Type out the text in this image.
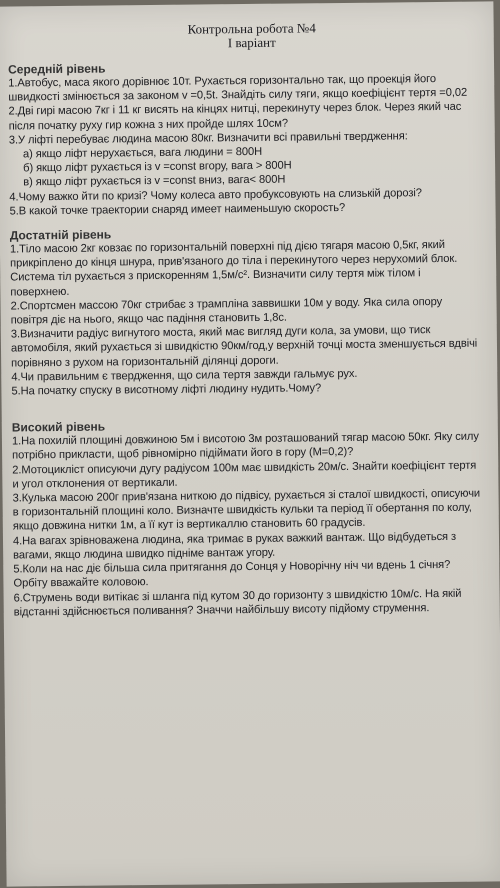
Контрольна робота №4
І варіант
Середній рівень
1.Автобус, маса якого дорівнює 10т. Рухається горизонтально так, що проекція його швидкості змінюється за законом v =0,5t. Знайдіть силу тяги, якщо коефіцієнт тертя =0,02
2.Дві гирі масою 7кг і 11 кг висять на кінцях нитці, перекинуту через блок. Через який час після початку руху гир кожна з них пройде шлях 10см?
3.У ліфті перебуває людина масою 80кг. Визначити всі правильні твердження:
а) якщо ліфт нерухається, вага людини = 800Н
б) якщо ліфт рухається із v =const вгору, вага > 800Н
в) якщо ліфт рухається із v =const вниз, вага< 800Н
4.Чому важко йти по кризі? Чому колеса авто пробуксовують на слизькій дорозі?
5.В какой точке траектории снаряд имеет наименьшую скорость?
Достатній рівень
1.Тіло масою 2кг ковзає по горизонтальній поверхні під дією тягаря масою 0,5кг, який прикріплено до кінця шнура, прив'язаного до тіла і перекинутого через нерухомий блок. Система тіл рухається з прискоренням 1,5м/с². Визначити силу тертя між тілом і поверхнею.
2.Спортсмен массою 70кг стрибає з трампліна заввишки 10м у воду. Яка сила опору повітря діє на нього, якщо час падіння становить 1,8с.
3.Визначити радіус вигнутого моста, який має вигляд дуги кола, за умови, що тиск автомобіля, який рухається зі швидкістю 90км/год,у верхній точці моста зменшується вдвічі порівняно з рухом на горизонтальній ділянці дороги.
4.Чи правильним є твердження, що сила тертя завжди гальмує рух.
5.На початку спуску в висотному ліфті людину нудить.Чому?
Високий рівень
1.На похилій площині довжиною 5м і висотою 3м розташований тягар масою 50кг. Яку силу потрібно прикласти, щоб рівномірно підіймати його в гору (M=0,2)?
2.Мотоцикліст описуючи дугу радіусом 100м має швидкість 20м/с. Знайти коефіцієнт тертя и угол отклонения от вертикали.
3.Кулька масою 200г прив'язана ниткою до підвісу, рухається зі сталої швидкості, описуючи в горизонтальній площині коло. Визначте швидкість кульки та період її обертання по колу, якщо довжина нитки 1м, а її кут із вертикаллю становить 60 градусів.
4.На вагах зрівноважена людина, яка тримає в руках важкий вантаж. Що відбудеться з вагами, якщо людина швидко підніме вантаж угору.
5.Коли на нас діє більша сила притягання до Сонця у Новорічну ніч чи вдень 1 січня? Орбіту вважайте коловою.
6.Струмень води витікає зі шланга під кутом 30 до горизонту з швидкістю 10м/с. На якій відстанні здійснюється поливання? Значчи найбільшу висоту підйому струмення.
